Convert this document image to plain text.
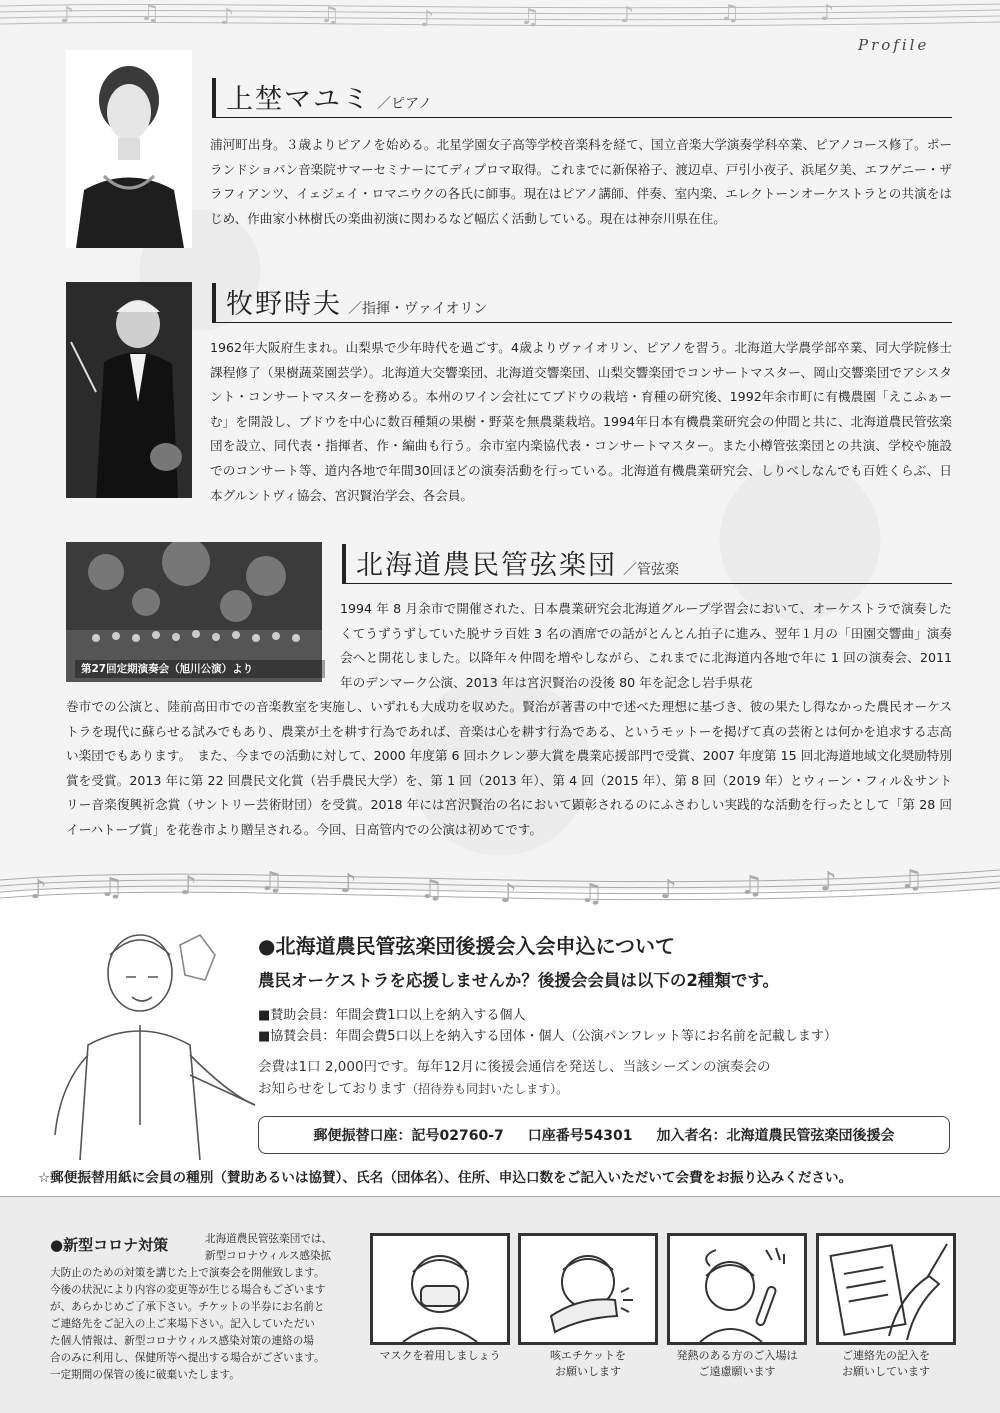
♪	♫	♪	♫	♪	♫	♪	♫	♪
Profile
上埜マユミ ／ピアノ
浦河町出身。３歳よりピアノを始める。北星学園女子高等学校音楽科を経て、国立音楽大学演奏学科卒業、ピアノコース修了。ポーランドショパン音楽院サマーセミナーにてディプロマ取得。これまでに新保裕子、渡辺卓、戸引小夜子、浜尾夕美、エフゲニー・ザラフィアンツ、イェジェイ・ロマニウクの各氏に師事。現在はピアノ講師、伴奏、室内楽、エレクトーンオーケストラとの共演をはじめ、作曲家小林樹氏の楽曲初演に関わるなど幅広く活動している。現在は神奈川県在住。
牧野時夫 ／指揮・ヴァイオリン
1962年大阪府生まれ。山梨県で少年時代を過ごす。4歳よりヴァイオリン、ピアノを習う。北海道大学農学部卒業、同大学院修士課程修了（果樹蔬菜園芸学）。北海道大交響楽団、北海道交響楽団、山梨交響楽団でコンサートマスター、岡山交響楽団でアシスタント・コンサートマスターを務める。本州のワイン会社にてブドウの栽培・育種の研究後、1992年余市町に有機農園「えこふぁーむ」を開設し、ブドウを中心に数百種類の果樹・野菜を無農薬栽培。1994年日本有機農業研究会の仲間と共に、北海道農民管弦楽団を設立、同代表・指揮者、作・編曲も行う。余市室内楽協代表・コンサートマスター。また小樽管弦楽団との共演、学校や施設でのコンサート等、道内各地で年間30回ほどの演奏活動を行っている。北海道有機農業研究会、しりべしなんでも百姓くらぶ、日本グルントヴィ協会、宮沢賢治学会、各会員。
第27回定期演奏会（旭川公演）より
北海道農民管弦楽団 ／管弦楽
1994 年 8 月余市で開催された、日本農業研究会北海道グループ学習会において、オーケストラで演奏したくてうずうずしていた脱サラ百姓 3 名の酒席での話がとんとん拍子に進み、翌年１月の「田園交響曲」演奏会へと開花しました。以降年々仲間を増やしながら、これまでに北海道内各地で年に 1 回の演奏会、2011 年のデンマーク公演、2013 年は宮沢賢治の没後 80 年を記念し岩手県花
巻市での公演と、陸前高田市での音楽教室を実施し、いずれも大成功を収めた。賢治が著書の中で述べた理想に基づき、彼の果たし得なかった農民オーケストラを現代に蘇らせる試みでもあり、農業が土を耕す行為であれば、音楽は心を耕す行為である、というモットーを掲げて真の芸術とは何かを追求する志高い楽団でもあります。　また、今までの活動に対して、2000 年度第 6 回ホクレン夢大賞を農業応援部門で受賞、2007 年度第 15 回北海道地域文化奨励特別賞を受賞。2013 年に第 22 回農民文化賞（岩手農民大学）を、第 1 回（2013 年）、第 4 回（2015 年）、第 8 回（2019 年）とウィーン・フィル＆サントリー音楽復興祈念賞（サントリー芸術財団）を受賞。2018 年には宮沢賢治の名において顕彰されるのにふさわしい実践的な活動を行ったとして「第 28 回イーハトーブ賞」を花巻市より贈呈される。今回、日高管内での公演は初めてです。
♪ ♫ ♪ ♫ ♪ ♫ ♪ ♫ ♪ ♫ ♪ ♫
●北海道農民管弦楽団後援会入会申込について
農民オーケストラを応援しませんか？後援会会員は以下の2種類です。
■賛助会員：年間会費1口以上を納入する個人
■協賛会員：年間会費5口以上を納入する団体・個人（公演パンフレット等にお名前を記載します）
会費は1口 2,000円です。毎年12月に後援会通信を発送し、当該シーズンの演奏会の
お知らせをしております（招待券も同封いたします）。
郵便振替口座：記号02760-7 口座番号54301 加入者名：北海道農民管弦楽団後援会
☆郵便振替用紙に会員の種別（賛助あるいは協賛）、氏名（団体名）、住所、申込口数をご記入いただいて会費をお振り込みください。
●新型コロナ対策	北海道農民管弦楽団では、
新型コロナウィルス感染拡
大防止のための対策を講じた上で演奏会を開催致します。
今後の状況により内容の変更等が生じる場合もございます
が、あらかじめご了承下さい。チケットの半券にお名前と
ご連絡先をご記入の上ご来場下さい。記入していただい
た個人情報は、新型コロナウィルス感染対策の連絡の場
合のみに利用し、保健所等へ提出する場合がございます。
一定期間の保管の後に破棄いたします。
マスクを着用しましょう	咳エチケットを
お願いします
発熱のある方のご入場は
ご遠慮願います
ご連絡先の記入を
お願いしています
